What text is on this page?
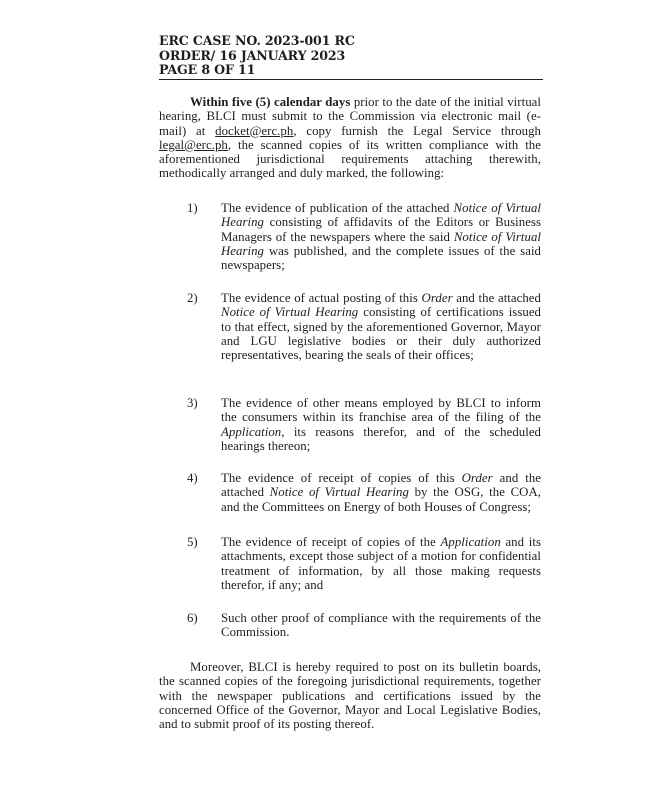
ERC CASE NO. 2023-001 RC
ORDER/ 16 JANUARY 2023
PAGE 8 OF 11

Within five (5) calendar days prior to the date of the initial virtual hearing, BLCI must submit to the Commission via electronic mail (e-mail) at docket@erc.ph, copy furnish the Legal Service through legal@erc.ph, the scanned copies of its written compliance with the aforementioned jurisdictional requirements attaching therewith, methodically arranged and duly marked, the following:

1) The evidence of publication of the attached Notice of Virtual Hearing consisting of affidavits of the Editors or Business Managers of the newspapers where the said Notice of Virtual Hearing was published, and the complete issues of the said newspapers;
2) The evidence of actual posting of this Order and the attached Notice of Virtual Hearing consisting of certifications issued to that effect, signed by the aforementioned Governor, Mayor and LGU legislative bodies or their duly authorized representatives, bearing the seals of their offices;
3) The evidence of other means employed by BLCI to inform the consumers within its franchise area of the filing of the Application, its reasons therefor, and of the scheduled hearings thereon;
4) The evidence of receipt of copies of this Order and the attached Notice of Virtual Hearing by the OSG, the COA, and the Committees on Energy of both Houses of Congress;
5) The evidence of receipt of copies of the Application and its attachments, except those subject of a motion for confidential treatment of information, by all those making requests therefor, if any; and
6) Such other proof of compliance with the requirements of the Commission.

Moreover, BLCI is hereby required to post on its bulletin boards, the scanned copies of the foregoing jurisdictional requirements, together with the newspaper publications and certifications issued by the concerned Office of the Governor, Mayor and Local Legislative Bodies, and to submit proof of its posting thereof.
